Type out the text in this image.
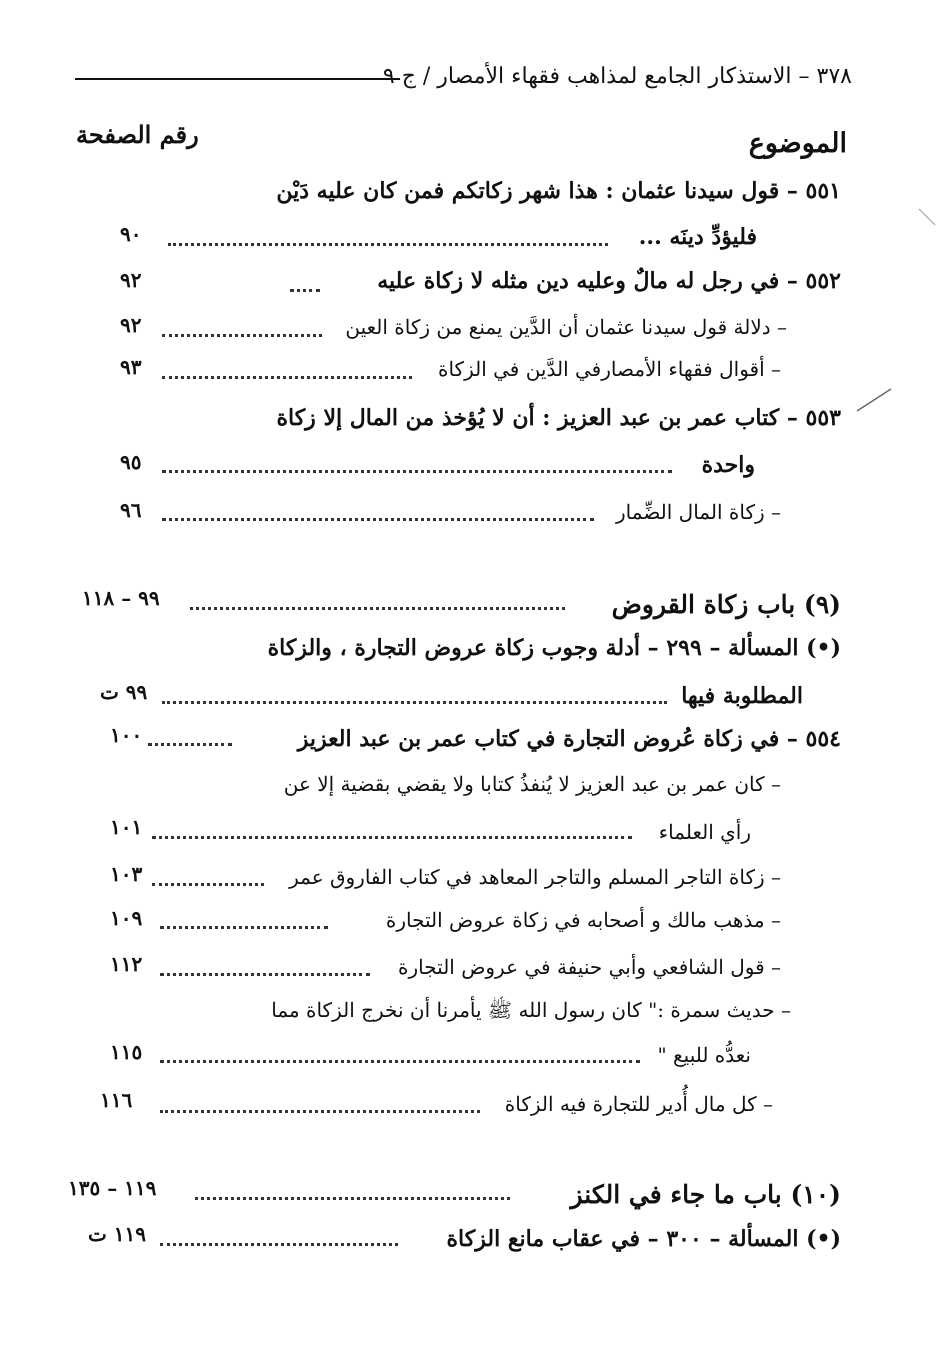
٣٧٨ – الاستذكار الجامع لمذاهب فقهاء الأمصار / ج ٩
الموضوع
رقم الصفحة
٥٥١ – قول سيدنا عثمان : هذا شهر زكاتكم فمن كان عليه دَيْن
فليؤدِّ دينَه ...
٩٠
٥٥٢ – في رجل له مالٌ وعليه دين مثله لا زكاة عليه
٩٢
– دلالة قول سيدنا عثمان أن الدَّين يمنع من زكاة العين
٩٢
– أقوال فقهاء الأمصارفي الدَّين في الزكاة
٩٣
٥٥٣ – كتاب عمر بن عبد العزيز : أن لا يُؤخذ من المال إلا زكاة
واحدة
٩٥
– زكاة المال الضِّمار
٩٦
(٩) باب زكاة القروض
٩٩ – ١١٨
(•) المسألة – ٢٩٩ – أدلة وجوب زكاة عروض التجارة ، والزكاة
المطلوبة فيها
٩٩ ت
٥٥٤ – في زكاة عُروض التجارة في كتاب عمر بن عبد العزيز
١٠٠
– كان عمر بن عبد العزيز لا يُنفذُ كتابا ولا يقضي بقضية إلا عن
رأي العلماء
١٠١
– زكاة التاجر المسلم والتاجر المعاهد في كتاب الفاروق عمر
١٠٣
– مذهب مالك و أصحابه في زكاة عروض التجارة
١٠٩
– قول الشافعي وأبي حنيفة في عروض التجارة
١١٢
– حديث سمرة :" كان رسول الله ﷺ يأمرنا أن نخرج الزكاة مما
نعدُّه للبيع "
١١٥
– كل مال أُدير للتجارة فيه الزكاة
١١٦
(١٠) باب ما جاء في الكنز
١١٩ – ١٣٥
(•) المسألة – ٣٠٠ – في عقاب مانع الزكاة
١١٩ ت
